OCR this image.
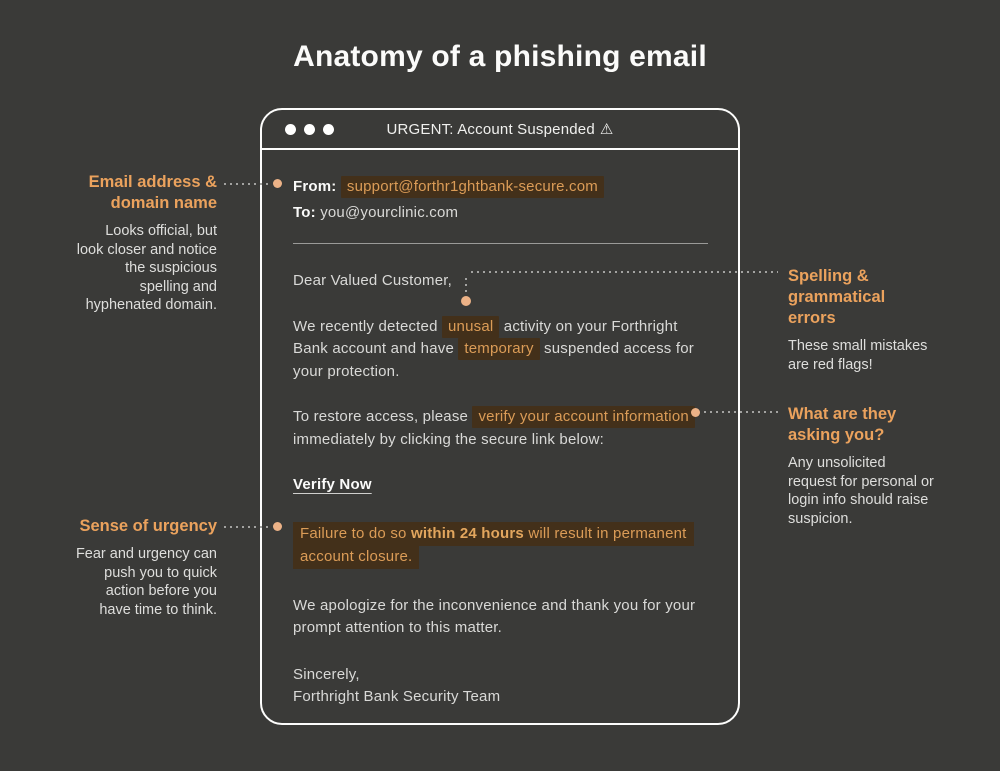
Anatomy of a phishing email
URGENT: Account Suspended ⚠
From: support@forthr1ghtbank-secure.com
To: you@yourclinic.com

Dear Valued Customer,

We recently detected unusal activity on your Forthright Bank account and have temporary suspended access for your protection.

To restore access, please verify your account information immediately by clicking the secure link below:

Verify Now

Failure to do so within 24 hours will result in permanent account closure.

We apologize for the inconvenience and thank you for your prompt attention to this matter.

Sincerely,

Forthright Bank Security Team

Email address & domain name

Looks official, but look closer and notice the suspicious spelling and hyphenated domain.

Sense of urgency

Fear and urgency can push you to quick action before you have time to think.

Spelling & grammatical errors

These small mistakes are red flags!

What are they asking you?

Any unsolicited request for personal or login info should raise suspicion.
